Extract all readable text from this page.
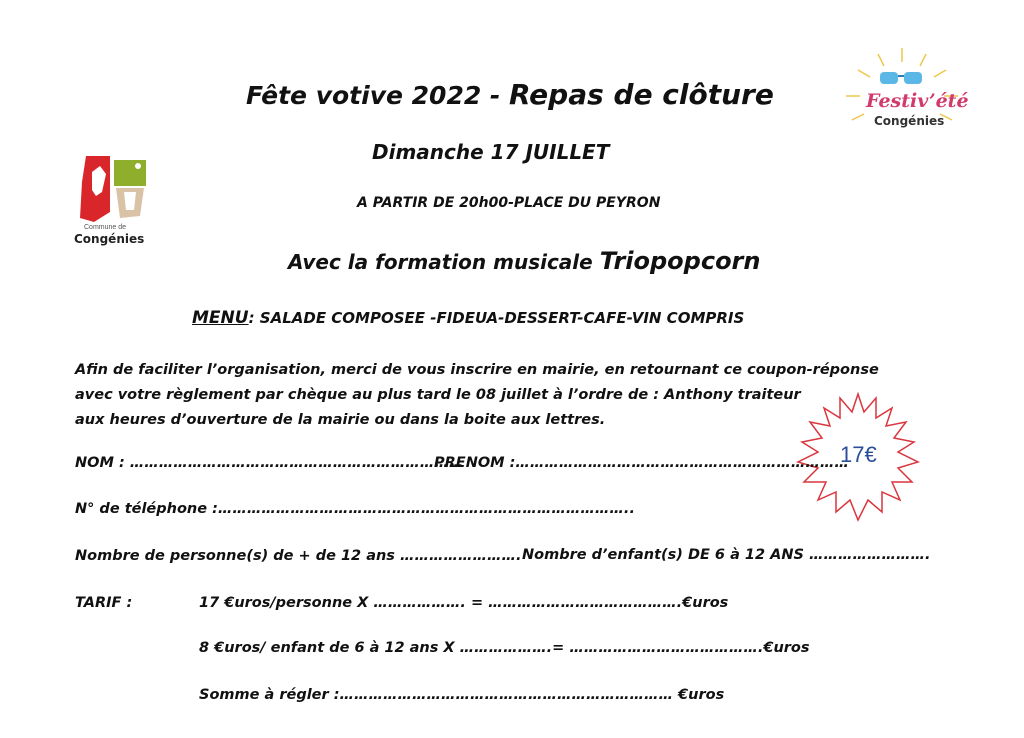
Commune de
Congénies
Festiv’été
Congénies
Fête votive 2022 - Repas de clôture
Dimanche 17 JUILLET
A PARTIR DE 20h00-PLACE DU PEYRON
Avec la formation musicale Triopopcorn
MENU: SALADE COMPOSEE -FIDEUA-DESSERT-CAFE-VIN COMPRIS

Afin de faciliter l’organisation, merci de vous inscrire en mairie, en retournant ce coupon-réponse

avec votre règlement par chèque au plus tard le 08 juillet à l’ordre de : Anthony traiteur

aux heures d’ouverture de la mairie ou dans la boite aux lettres.

17€
NOM : ……………………………………………………………
PRENOM :……………………………………………………………
N° de téléphone :…………………………………………………………………………..
Nombre de personne(s) de + de 12 ans ……………………. Nombre d’enfant(s) DE 6 à 12 ANS …………………….
TARIF :	17 €uros/personne X ………………. = ………………………………….€uros
8 €uros/ enfant de 6 à 12 ans X ……………….= ………………………………….€uros
Somme à régler :…………………………………………………………… €uros
